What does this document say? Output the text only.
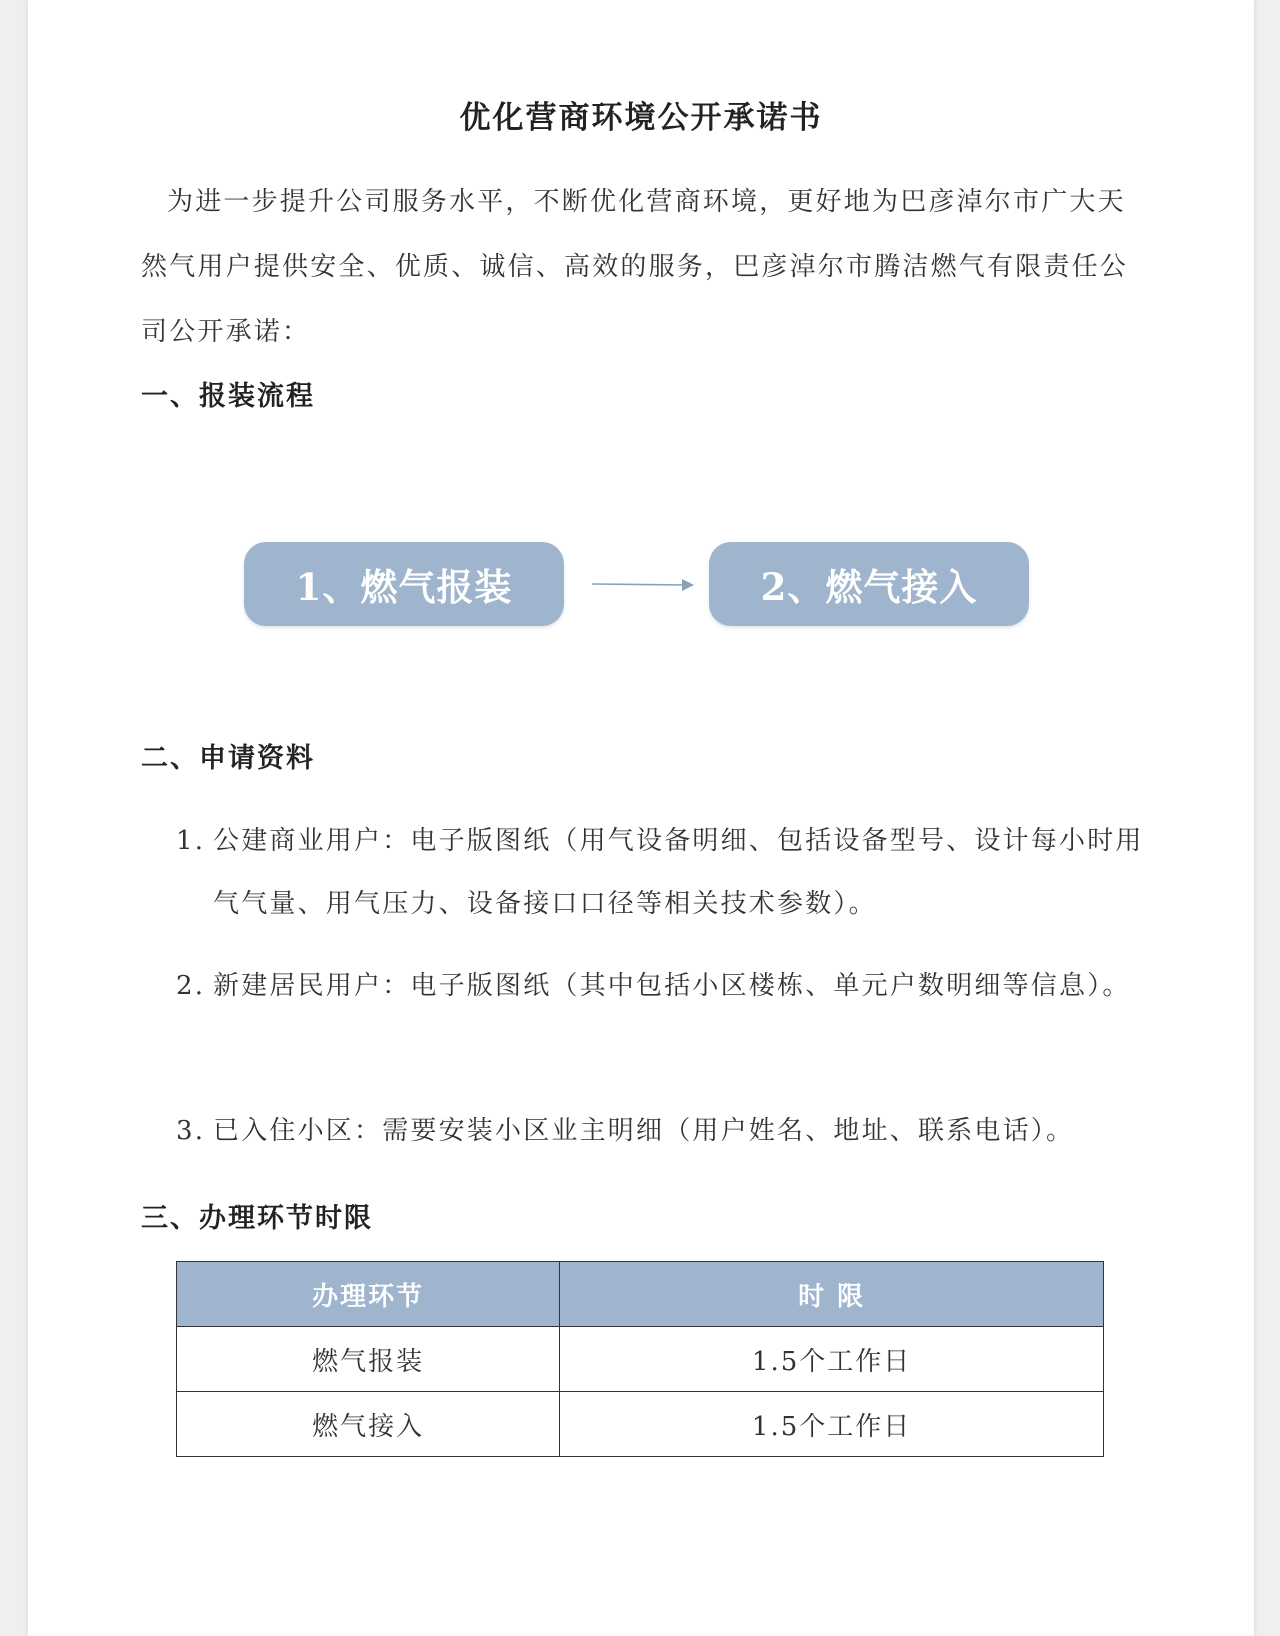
优化营商环境公开承诺书

为进一步提升公司服务水平，不断优化营商环境，更好地为巴彦淖尔市广大天然气用户提供安全、优质、诚信、高效的服务，巴彦淖尔市腾洁燃气有限责任公司公开承诺：

一、报装流程
1、燃气报装	2、燃气接入
二、申请资料
1. 公建商业用户：电子版图纸（用气设备明细、包括设备型号、设计每小时用气气量、用气压力、设备接口口径等相关技术参数）。
2. 新建居民用户：电子版图纸（其中包括小区楼栋、单元户数明细等信息）。
3. 已入住小区：需要安装小区业主明细（用户姓名、地址、联系电话）。
三、办理环节时限
办理环节	时 限
燃气报装	1.5个工作日
燃气接入	1.5个工作日
